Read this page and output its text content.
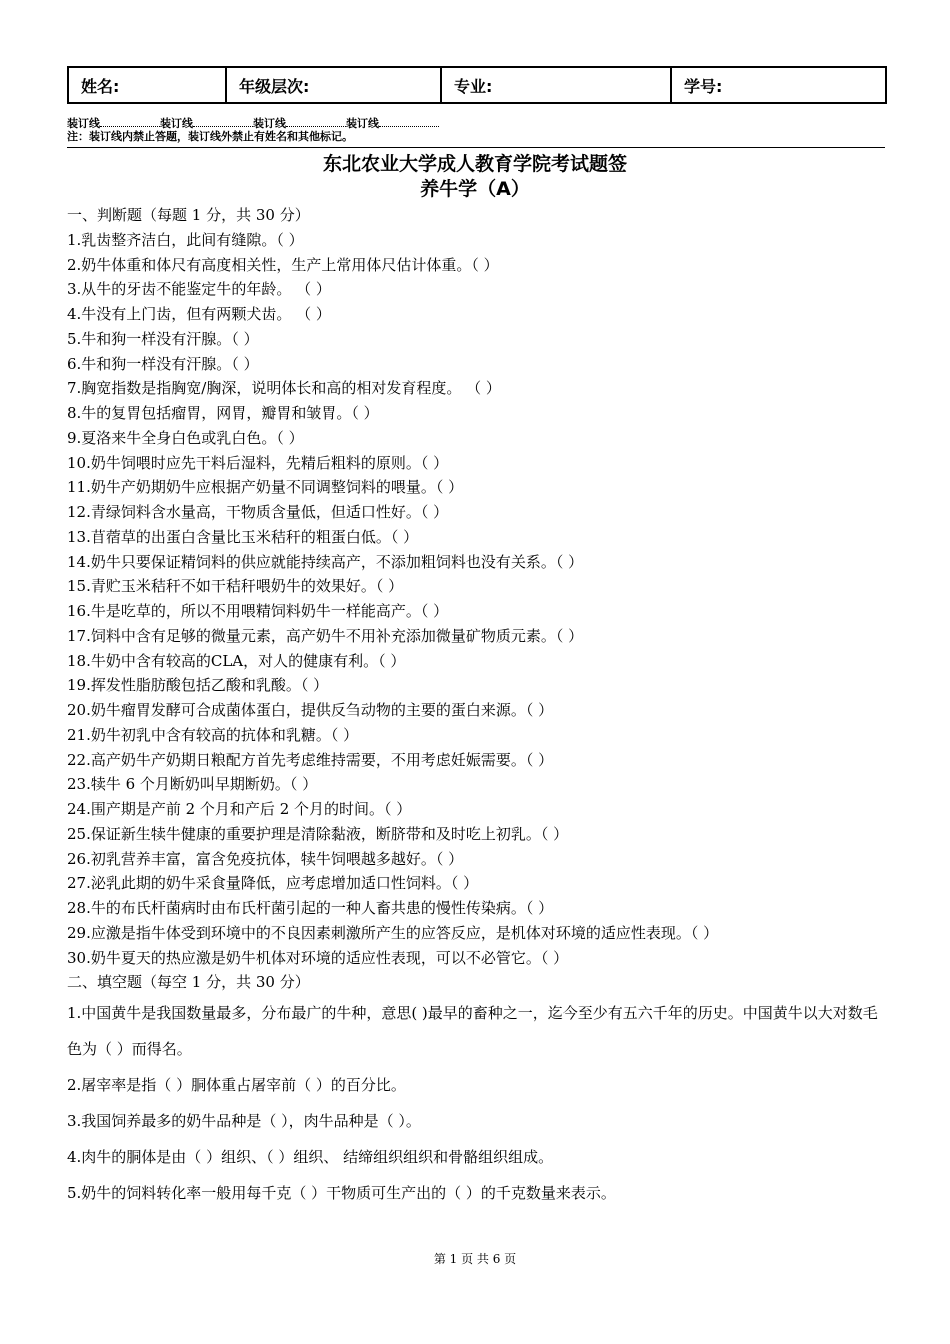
姓名:	年级层次:	专业:	学号:
装订线	装订线	装订线	装订线
注：装订线内禁止答题，装订线外禁止有姓名和其他标记。
东北农业大学成人教育学院考试题签
养牛学（A）
一、判断题（每题 1 分，共 30 分）
1.乳齿整齐洁白，此间有缝隙。（ ）
2.奶牛体重和体尺有高度相关性，生产上常用体尺估计体重。（ ）
3.从牛的牙齿不能鉴定牛的年龄。 （ ）
4.牛没有上门齿，但有两颗犬齿。 （ ）
5.牛和狗一样没有汗腺。（ ）
6.牛和狗一样没有汗腺。（ ）
7.胸宽指数是指胸宽/胸深，说明体长和高的相对发育程度。 （ ）
8.牛的复胃包括瘤胃，网胃，瓣胃和皱胃。（ ）
9.夏洛来牛全身白色或乳白色。（ ）
10.奶牛饲喂时应先干料后湿料，先精后粗料的原则。（ ）
11.奶牛产奶期奶牛应根据产奶量不同调整饲料的喂量。（ ）
12.青绿饲料含水量高，干物质含量低，但适口性好。（ ）
13.苜蓿草的出蛋白含量比玉米秸秆的粗蛋白低。（ ）
14.奶牛只要保证精饲料的供应就能持续高产，不添加粗饲料也没有关系。（ ）
15.青贮玉米秸秆不如干秸秆喂奶牛的效果好。（ ）
16.牛是吃草的，所以不用喂精饲料奶牛一样能高产。（ ）
17.饲料中含有足够的微量元素，高产奶牛不用补充添加微量矿物质元素。（ ）
18.牛奶中含有较高的CLA，对人的健康有利。（ ）
19.挥发性脂肪酸包括乙酸和乳酸。（ ）
20.奶牛瘤胃发酵可合成菌体蛋白，提供反刍动物的主要的蛋白来源。（ ）
21.奶牛初乳中含有较高的抗体和乳糖。（ ）
22.高产奶牛产奶期日粮配方首先考虑维持需要，不用考虑妊娠需要。（ ）
23.犊牛 6 个月断奶叫早期断奶。（ ）
24.围产期是产前 2 个月和产后 2 个月的时间。（ ）
25.保证新生犊牛健康的重要护理是清除黏液，断脐带和及时吃上初乳。（ ）
26.初乳营养丰富，富含免疫抗体，犊牛饲喂越多越好。（ ）
27.泌乳此期的奶牛采食量降低，应考虑增加适口性饲料。（ ）
28.牛的布氏杆菌病时由布氏杆菌引起的一种人畜共患的慢性传染病。（ ）
29.应激是指牛体受到环境中的不良因素刺激所产生的应答反应，是机体对环境的适应性表现。（ ）
30.奶牛夏天的热应激是奶牛机体对环境的适应性表现，可以不必管它。（ ）
二、填空题（每空 1 分，共 30 分）
1.中国黄牛是我国数量最多，分布最广的牛种，意思( )最早的畜种之一，迄今至少有五六千年的历史。中国黄牛以大对数毛色为（ ）而得名。
2.屠宰率是指（ ）胴体重占屠宰前（ ）的百分比。
3.我国饲养最多的奶牛品种是（ ），肉牛品种是（ ）。
4.肉牛的胴体是由（ ）组织、（ ）组织、 结缔组织组织和骨骼组织组成。
5.奶牛的饲料转化率一般用每千克（ ）干物质可生产出的（ ）的千克数量来表示。
第 1 页 共 6 页
